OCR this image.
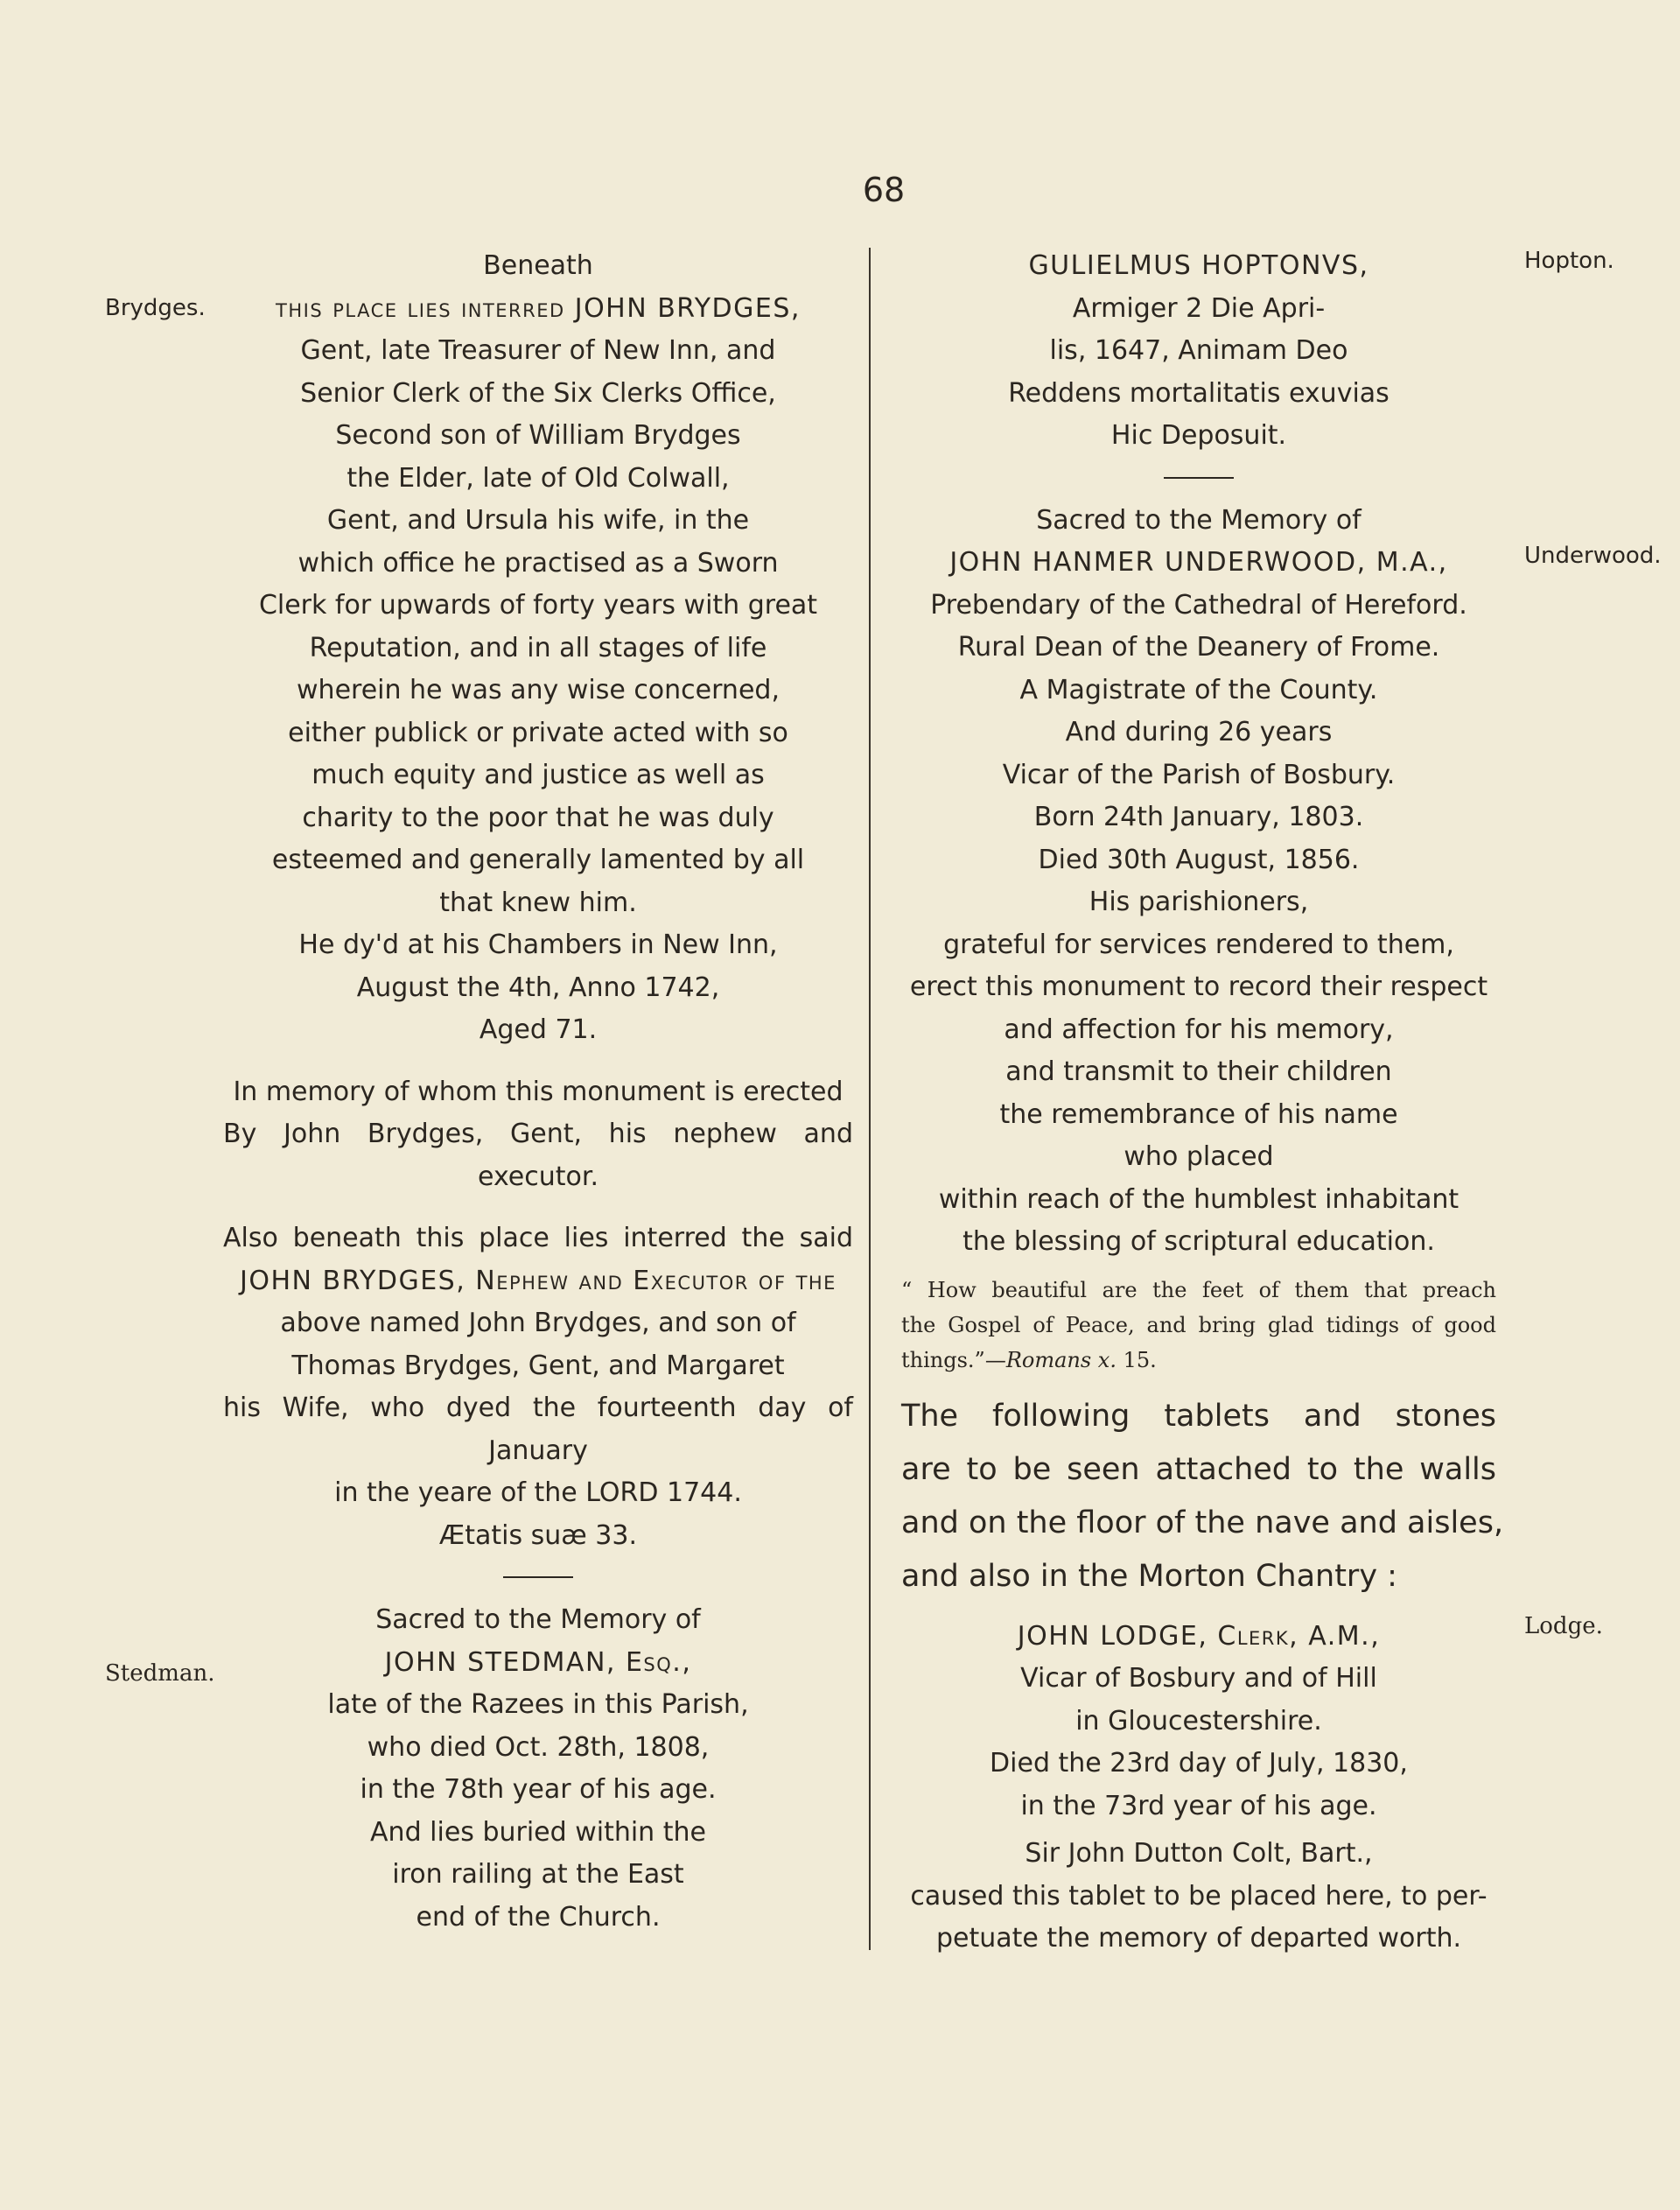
68
Brydges.
Stedman.
Hopton.
Underwood.
Lodge.

Beneath

this place lies interred JOHN BRYDGES,

Gent, late Treasurer of New Inn, and

Senior Clerk of the Six Clerks Office,

Second son of William Brydges

the Elder, late of Old Colwall,

Gent, and Ursula his wife, in the

which office he practised as a Sworn

Clerk for upwards of forty years with great

Reputation, and in all stages of life

wherein he was any wise concerned,

either publick or private acted with so

much equity and justice as well as

charity to the poor that he was duly

esteemed and generally lamented by all

that knew him.

He dy'd at his Chambers in New Inn,

August the 4th, Anno 1742,

Aged 71.

In memory of whom this monument is erected

By John Brydges, Gent, his nephew and

executor.

Also beneath this place lies interred the said

JOHN BRYDGES, Nephew and Executor of the

above named John Brydges, and son of

Thomas Brydges, Gent, and Margaret

his Wife, who dyed the fourteenth day of

January

in the yeare of the LORD 1744.

Ætatis suæ 33.

Sacred to the Memory of

JOHN STEDMAN, Esq.,

late of the Razees in this Parish,

who died Oct. 28th, 1808,

in the 78th year of his age.

And lies buried within the

iron railing at the East

end of the Church.

GULIELMUS HOPTONVS,

Armiger 2 Die Apri-

lis, 1647, Animam Deo

Reddens mortalitatis exuvias

Hic Deposuit.

Sacred to the Memory of

JOHN HANMER UNDERWOOD, M.A.,

Prebendary of the Cathedral of Hereford.

Rural Dean of the Deanery of Frome.

A Magistrate of the County.

And during 26 years

Vicar of the Parish of Bosbury.

Born 24th January, 1803.

Died 30th August, 1856.

His parishioners,

grateful for services rendered to them,

erect this monument to record their respect

and affection for his memory,

and transmit to their children

the remembrance of his name

who placed

within reach of the humblest inhabitant

the blessing of scriptural education.

“ How beautiful are the feet of them that preach
the Gospel of Peace, and bring glad tidings of good
things.”—Romans x. 15.
The following tablets and stones
are to be seen attached to the walls
and on the floor of the nave and aisles,
and also in the Morton Chantry :

JOHN LODGE, Clerk, A.M.,

Vicar of Bosbury and of Hill

in Gloucestershire.

Died the 23rd day of July, 1830,

in the 73rd year of his age.

Sir John Dutton Colt, Bart.,

caused this tablet to be placed here, to per-

petuate the memory of departed worth.
